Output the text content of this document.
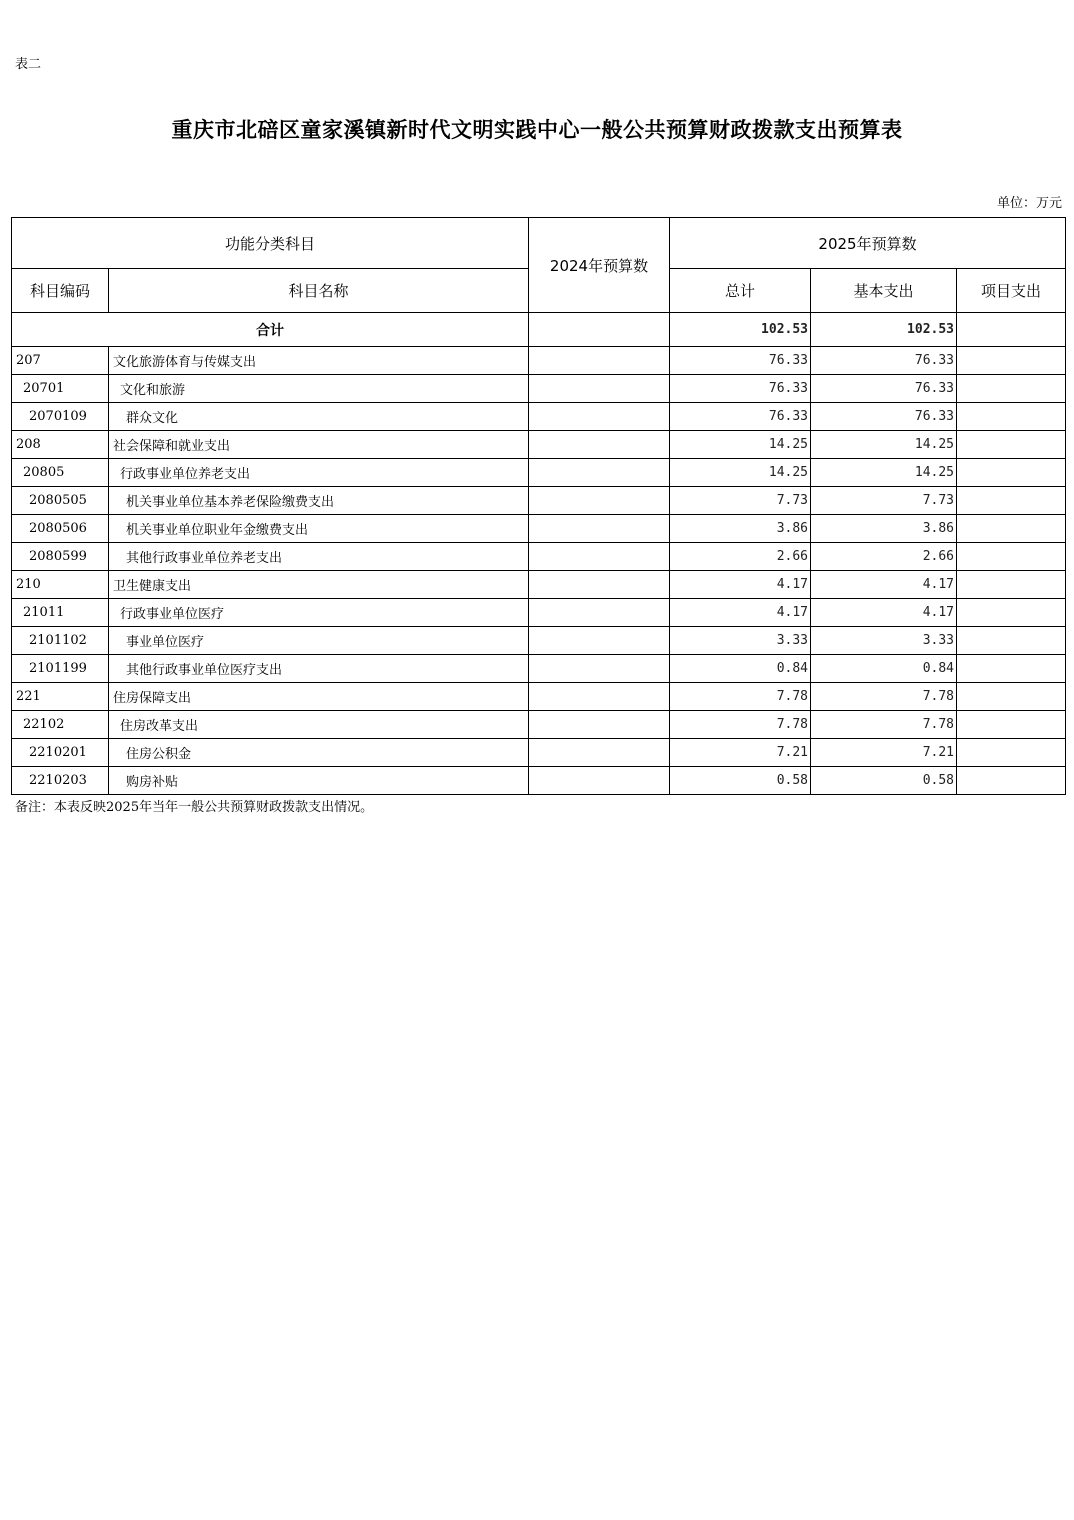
表二
重庆市北碚区童家溪镇新时代文明实践中心一般公共预算财政拨款支出预算表
单位：万元
功能分类科目		2024年预算数	2025年预算数		
科目编码	科目名称		总计	基本支出	项目支出
合计			102.53	102.53	
207	文化旅游体育与传媒支出		76.33	76.33	
20701	文化和旅游		76.33	76.33	
2070109	群众文化		76.33	76.33	
208	社会保障和就业支出		14.25	14.25	
20805	行政事业单位养老支出		14.25	14.25	
2080505	机关事业单位基本养老保险缴费支出		7.73	7.73	
2080506	机关事业单位职业年金缴费支出		3.86	3.86	
2080599	其他行政事业单位养老支出		2.66	2.66	
210	卫生健康支出		4.17	4.17	
21011	行政事业单位医疗		4.17	4.17	
2101102	事业单位医疗		3.33	3.33	
2101199	其他行政事业单位医疗支出		0.84	0.84	
221	住房保障支出		7.78	7.78	
22102	住房改革支出		7.78	7.78	
2210201	住房公积金		7.21	7.21	
2210203	购房补贴		0.58	0.58	
备注：本表反映2025年当年一般公共预算财政拨款支出情况。
